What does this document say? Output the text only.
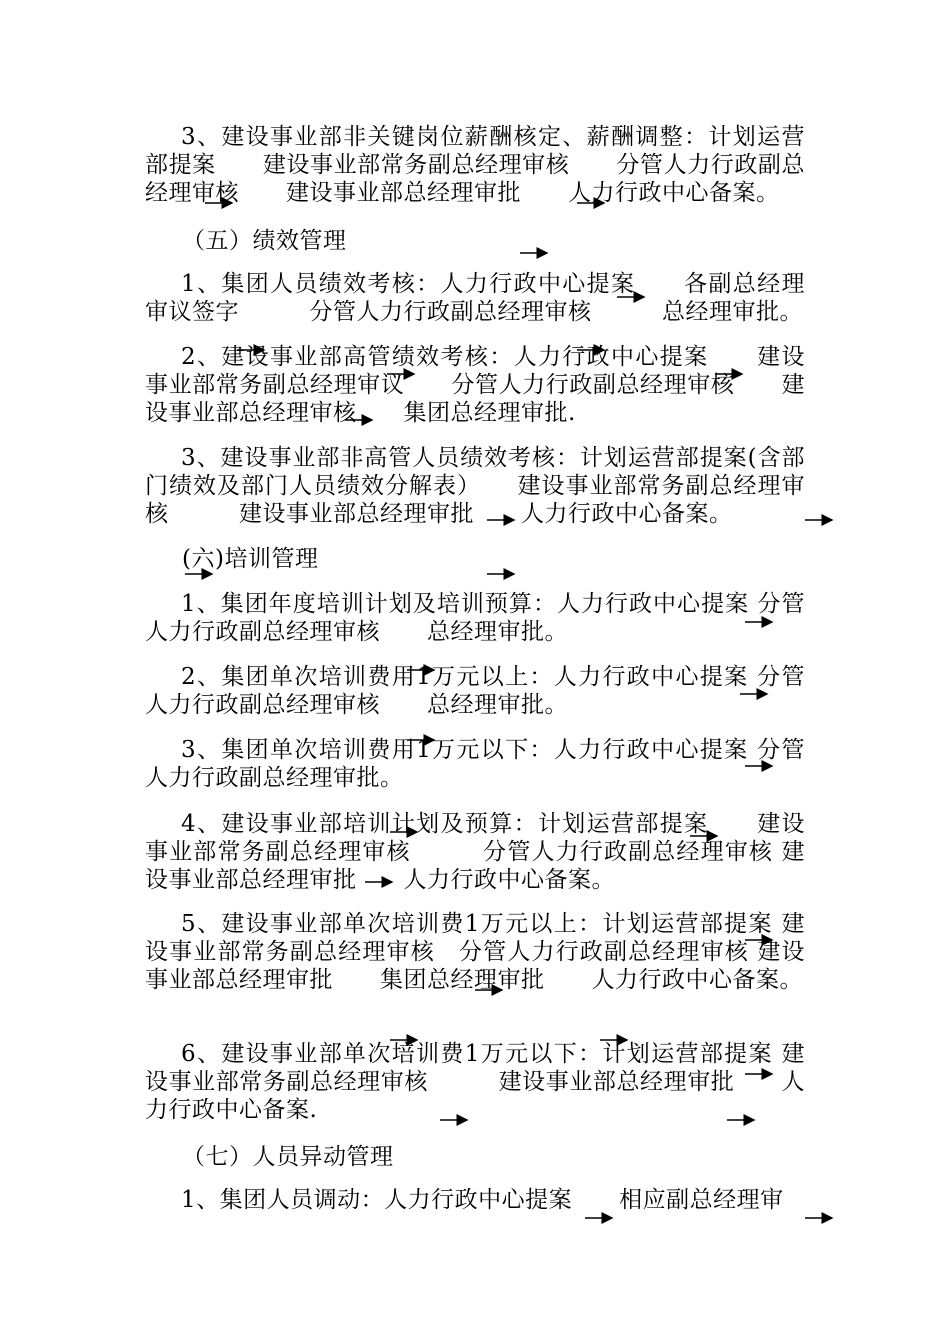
3、建设事业部非关键岗位薪酬核定、薪酬调整：计划运营部提案　　建设事业部常务副总经理审核　　分管人力行政副总经理审核　　建设事业部总经理审批　　人力行政中心备案。
（五）绩效管理
1、集团人员绩效考核：人力行政中心提案　　各副总经理审议签字　　　分管人力行政副总经理审核　　　总经理审批。
2、建设事业部高管绩效考核：人力行政中心提案　　建设事业部常务副总经理审议　　分管人力行政副总经理审核　　建设事业部总经理审核　　集团总经理审批.
3、建设事业部非高管人员绩效考核：计划运营部提案(含部门绩效及部门人员绩效分解表）　　建设事业部常务副总经理审核　　　建设事业部总经理审批　　人力行政中心备案。
(六)培训管理
1、集团年度培训计划及培训预算：人力行政中心提案 分管人力行政副总经理审核　　总经理审批。
2、集团单次培训费用1万元以上：人力行政中心提案 分管人力行政副总经理审核　　总经理审批。
3、集团单次培训费用1万元以下：人力行政中心提案 分管人力行政副总经理审批。
4、建设事业部培训计划及预算：计划运营部提案　　建设事业部常务副总经理审核　　　分管人力行政副总经理审核 建设事业部总经理审批　　人力行政中心备案。
5、建设事业部单次培训费1万元以上：计划运营部提案 建设事业部常务副总经理审核　分管人力行政副总经理审核 建设事业部总经理审批　　集团总经理审批　　人力行政中心备案。
6、建设事业部单次培训费1万元以下：计划运营部提案 建设事业部常务副总经理审核　　　建设事业部总经理审批　　人力行政中心备案.
（七）人员异动管理
1、集团人员调动：人力行政中心提案　　相应副总经理审
